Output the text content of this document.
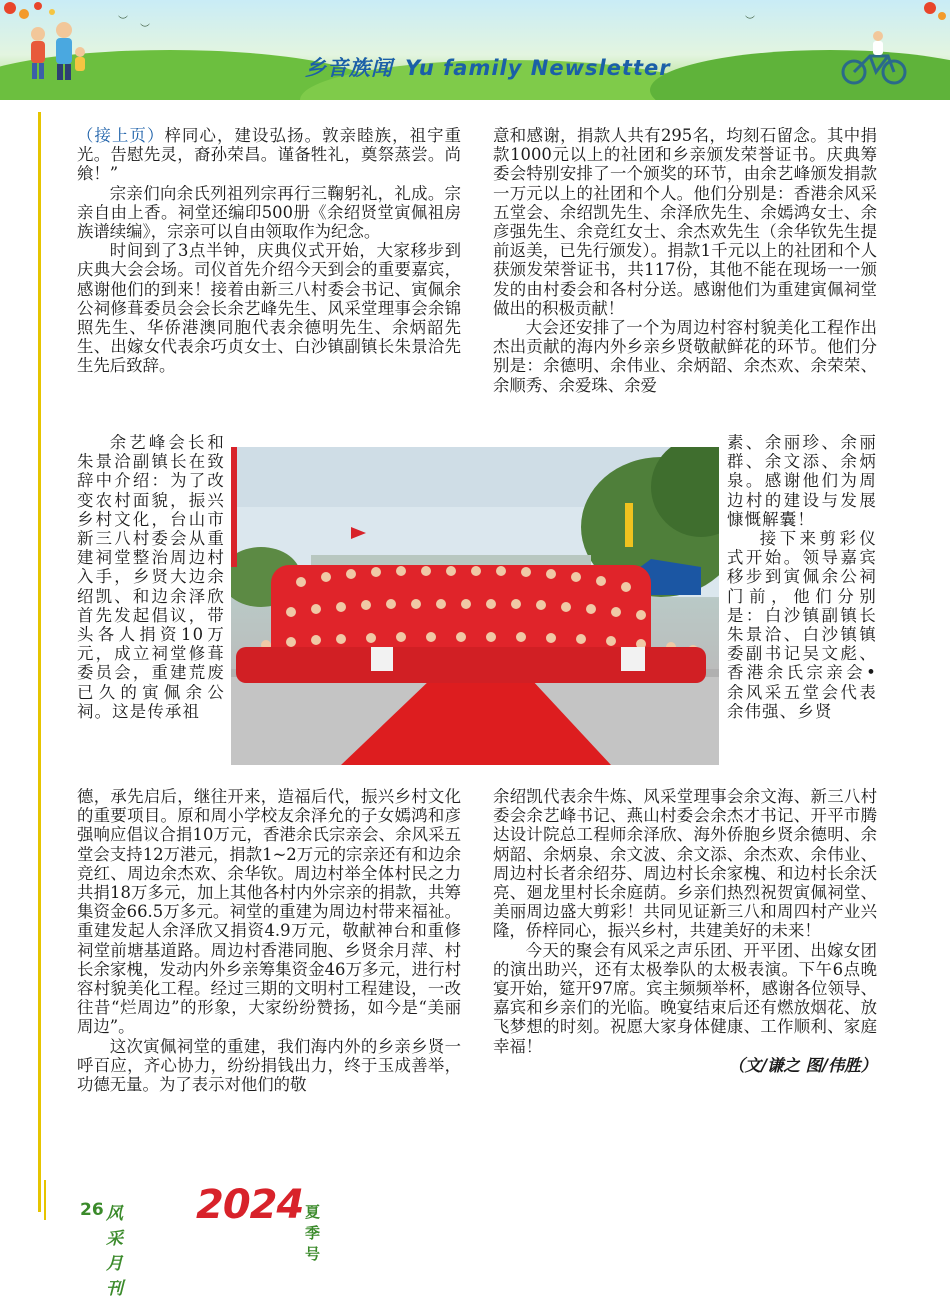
︶
︶
︶
乡音族闻 Yu family Newsletter

（接上页）梓同心，建设弘扬。敦亲睦族，祖宇重光。告慰先灵，裔孙荣昌。谨备牲礼，奠祭蒸尝。尚飨！”

宗亲们向余氏列祖列宗再行三鞠躬礼，礼成。宗亲自由上香。祠堂还编印500册《余绍贤堂寅佩祖房族谱续编》，宗亲可以自由领取作为纪念。

时间到了3点半钟，庆典仪式开始，大家移步到庆典大会会场。司仪首先介绍今天到会的重要嘉宾，感谢他们的到来！接着由新三八村委会书记、寅佩余公祠修葺委员会会长余艺峰先生、风采堂理事会余锦照先生、华侨港澳同胞代表余德明先生、余炳韶先生、出嫁女代表余巧贞女士、白沙镇副镇长朱景洽先生先后致辞。

余艺峰会长和朱景洽副镇长在致辞中介绍：为了改变农村面貌，振兴乡村文化，台山市新三八村委会从重建祠堂整治周边村入手，乡贤大边余绍凯、和边余泽欣首先发起倡议，带头各人捐资10万元，成立祠堂修葺委员会，重建荒废已久的寅佩余公祠。这是传承祖

素、余丽珍、余丽群、余文添、余炳泉。感谢他们为周边村的建设与发展慷慨解囊！

接下来剪彩仪式开始。领导嘉宾移步到寅佩余公祠门前，他们分别是：白沙镇副镇长朱景洽、白沙镇镇委副书记吴文彪、香港余氏宗亲会•余风采五堂会代表余伟强、乡贤

德，承先启后，继往开来，造福后代，振兴乡村文化的重要项目。原和周小学校友余泽允的子女嫣鸿和彦强响应倡议合捐10万元，香港余氏宗亲会、余风采五堂会支持12万港元，捐款1~2万元的宗亲还有和边余竞红、周边余杰欢、余华钦。周边村举全体村民之力共捐18万多元，加上其他各村内外宗亲的捐款，共筹集资金66.5万多元。祠堂的重建为周边村带来福祉。重建发起人余泽欣又捐资4.9万元，敬献神台和重修祠堂前塘基道路。周边村香港同胞、乡贤余月萍、村长余家槐，发动内外乡亲筹集资金46万多元，进行村容村貌美化工程。经过三期的文明村工程建设，一改往昔“烂周边”的形象，大家纷纷赞扬，如今是“美丽周边”。

这次寅佩祠堂的重建，我们海内外的乡亲乡贤一呼百应，齐心协力，纷纷捐钱出力，终于玉成善举，功德无量。为了表示对他们的敬

意和感谢，捐款人共有295名，均刻石留念。其中捐款1000元以上的社团和乡亲颁发荣誉证书。庆典筹委会特别安排了一个颁奖的环节，由余艺峰颁发捐款一万元以上的社团和个人。他们分别是：香港余风采五堂会、余绍凯先生、余泽欣先生、余嫣鸿女士、余彦强先生、余竞红女士、余杰欢先生（余华钦先生提前返美，已先行颁发）。捐款1千元以上的社团和个人获颁发荣誉证书，共117份，其他不能在现场一一颁发的由村委会和各村分送。感谢他们为重建寅佩祠堂做出的积极贡献！

大会还安排了一个为周边村容村貌美化工程作出杰出贡献的海内外乡亲乡贤敬献鲜花的环节。他们分别是：余德明、余伟业、余炳韶、余杰欢、余荣荣、余顺秀、余爱珠、余爱

余绍凯代表余牛炼、风采堂理事会余文海、新三八村委会余艺峰书记、燕山村委会余杰才书记、开平市腾达设计院总工程师余泽欣、海外侨胞乡贤余德明、余炳韶、余炳泉、余文波、余文添、余杰欢、余伟业、周边村长者余绍芬、周边村长余家槐、和边村长余沃亮、廻龙里村长余庭荫。乡亲们热烈祝贺寅佩祠堂、美丽周边盛大剪彩！共同见证新三八和周四村产业兴隆，侨梓同心，振兴乡村，共建美好的未来！

今天的聚会有风采之声乐团、开平团、出嫁女团的演出助兴，还有太极拳队的太极表演。下午6点晚宴开始，筵开97席。宾主频频举杯，感谢各位领导、嘉宾和乡亲们的光临。晚宴结束后还有燃放烟花、放飞梦想的时刻。祝愿大家身体健康、工作顺利、家庭幸福！

（文/谦之 图/伟胜）

26 风采月刊
2024 夏季号
